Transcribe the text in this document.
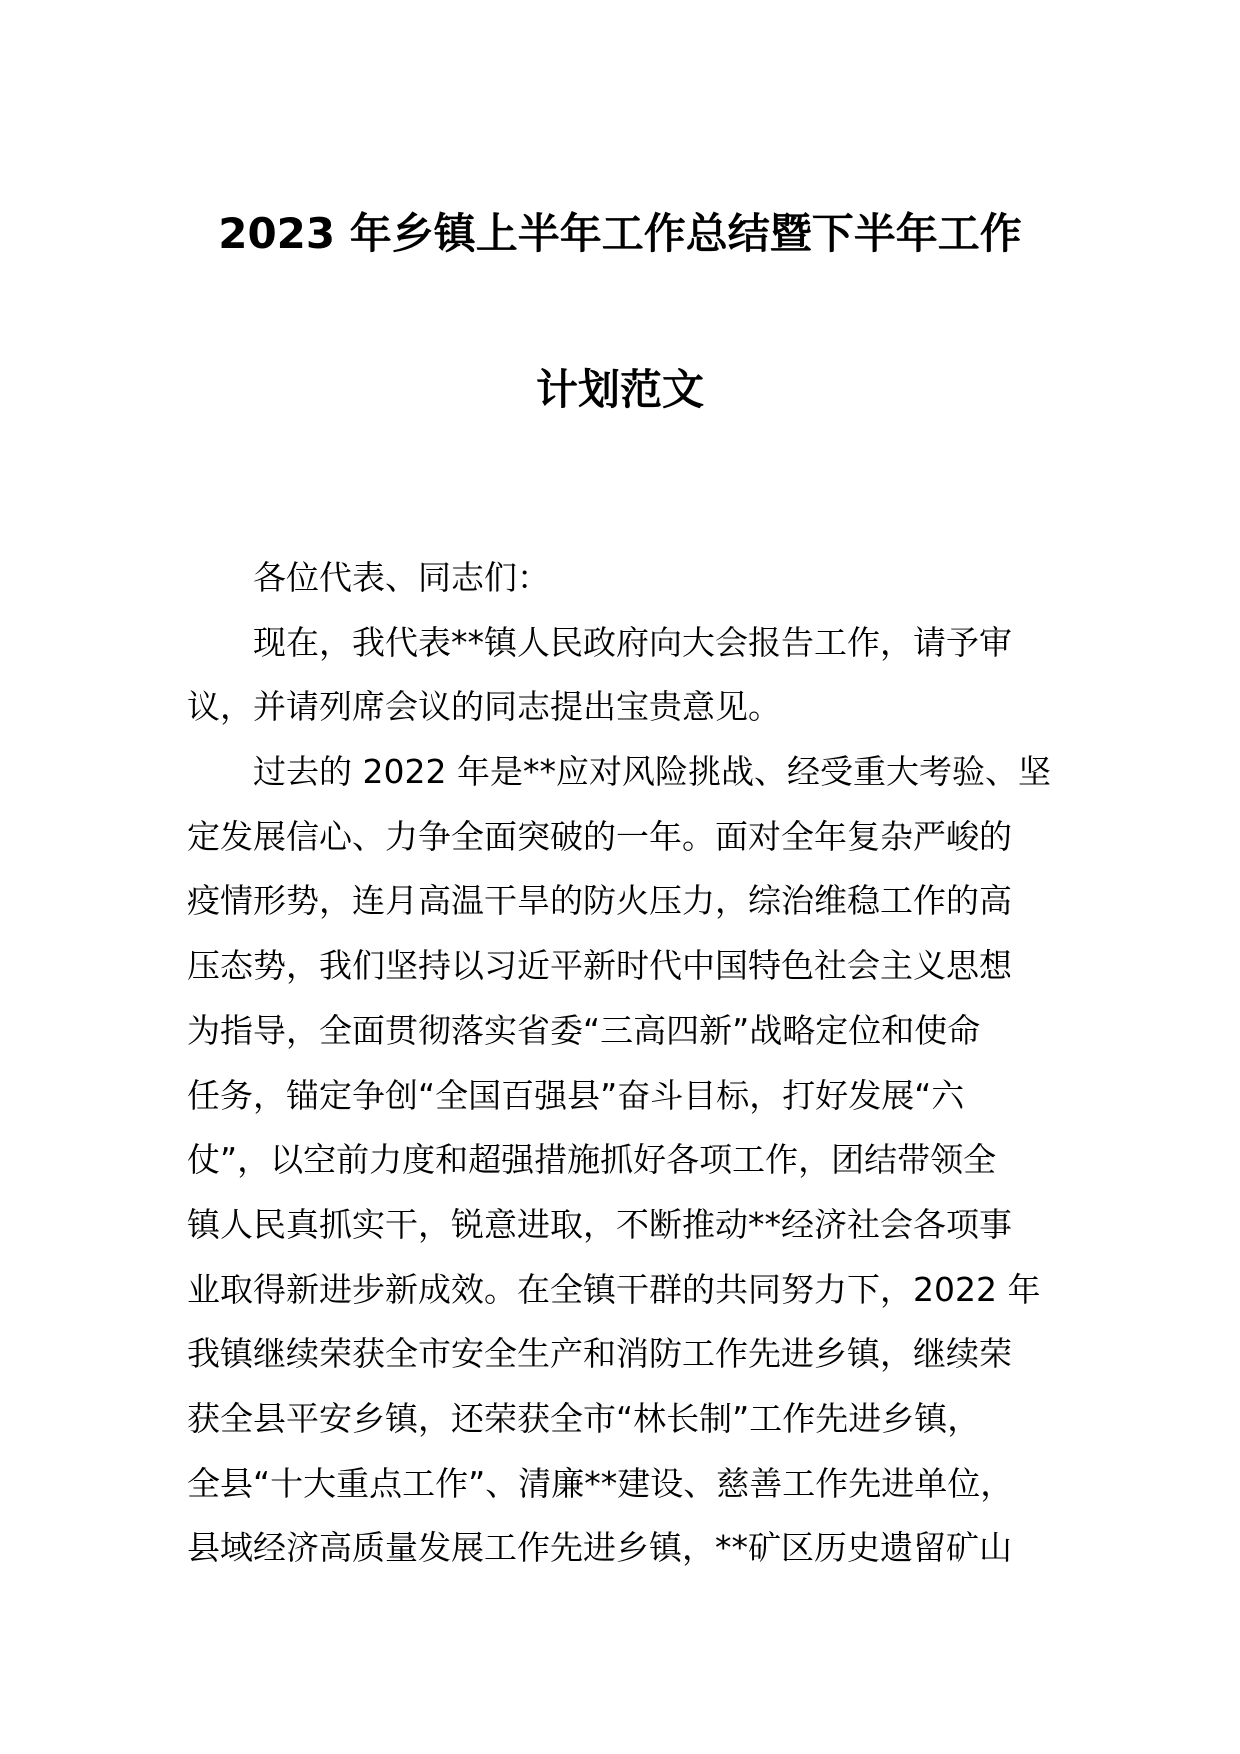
2023 年乡镇上半年工作总结暨下半年工作
计划范文
各位代表、同志们：
现在，我代表**镇人民政府向大会报告工作，请予审
议，并请列席会议的同志提出宝贵意见。
过去的 2022 年是**应对风险挑战、经受重大考验、坚
定发展信心、力争全面突破的一年。面对全年复杂严峻的
疫情形势，连月高温干旱的防火压力，综治维稳工作的高
压态势，我们坚持以习近平新时代中国特色社会主义思想
为指导，全面贯彻落实省委“三高四新”战略定位和使命
任务，锚定争创“全国百强县”奋斗目标，打好发展“六
仗”，以空前力度和超强措施抓好各项工作，团结带领全
镇人民真抓实干，锐意进取，不断推动**经济社会各项事
业取得新进步新成效。在全镇干群的共同努力下，2022 年
我镇继续荣获全市安全生产和消防工作先进乡镇，继续荣
获全县平安乡镇，还荣获全市“林长制”工作先进乡镇，
全县“十大重点工作”、清廉**建设、慈善工作先进单位，
县域经济高质量发展工作先进乡镇，**矿区历史遗留矿山
